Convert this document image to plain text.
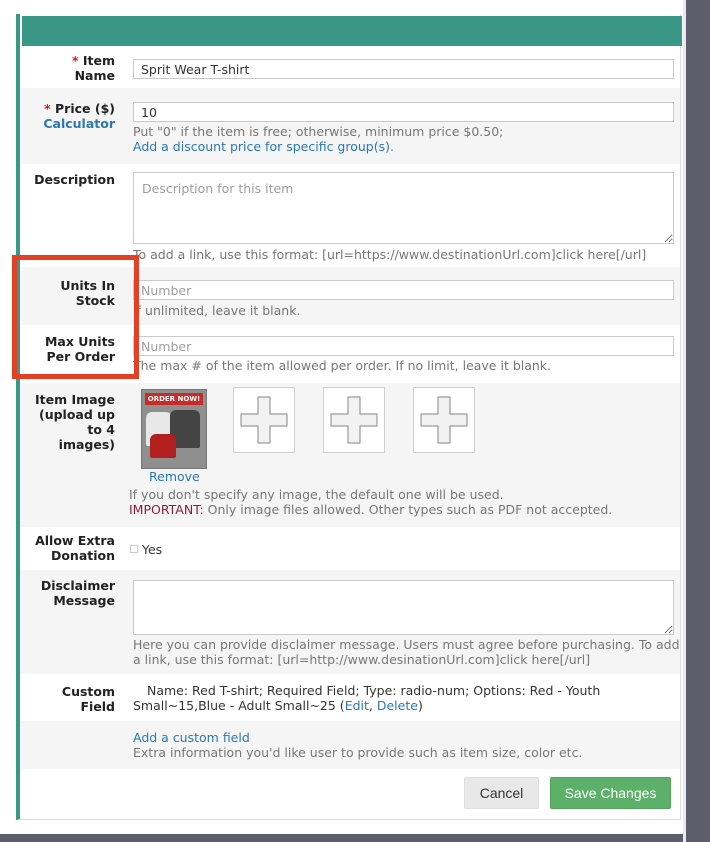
* Item Name
Sprit Wear T-shirt
* Price ($)
Calculator
10
Put "0" if the item is free; otherwise, minimum price $0.50;
Add a discount price for specific group(s).
Description
Description for this item
To add a link, use this format: [url=https://www.destinationUrl.com]click here[/url]
Units In Stock
Number
If unlimited, leave it blank.
Max Units Per Order
Number
The max # of the item allowed per order. If no limit, leave it blank.
Item Image (upload up to 4 images)
Allow Extra Donation
Disclaimer Message
Here you can provide disclaimer message. Users must agree before purchasing. To add a link, use this format: [url=http://www.desinationUrl.com]click here[/url]
Custom Field
Name: Red T-shirt; Required Field; Type: radio-num; Options: Red - Youth Small~15,Blue - Adult Small~25 (Edit, Delete)
Add a custom field
Extra information you'd like user to provide such as item size, color etc.
ORDER NOW!
Remove
If you don't specify any image, the default one will be used.
IMPORTANT: Only image files allowed. Other types such as PDF not accepted.
Yes
Cancel	Save Changes
